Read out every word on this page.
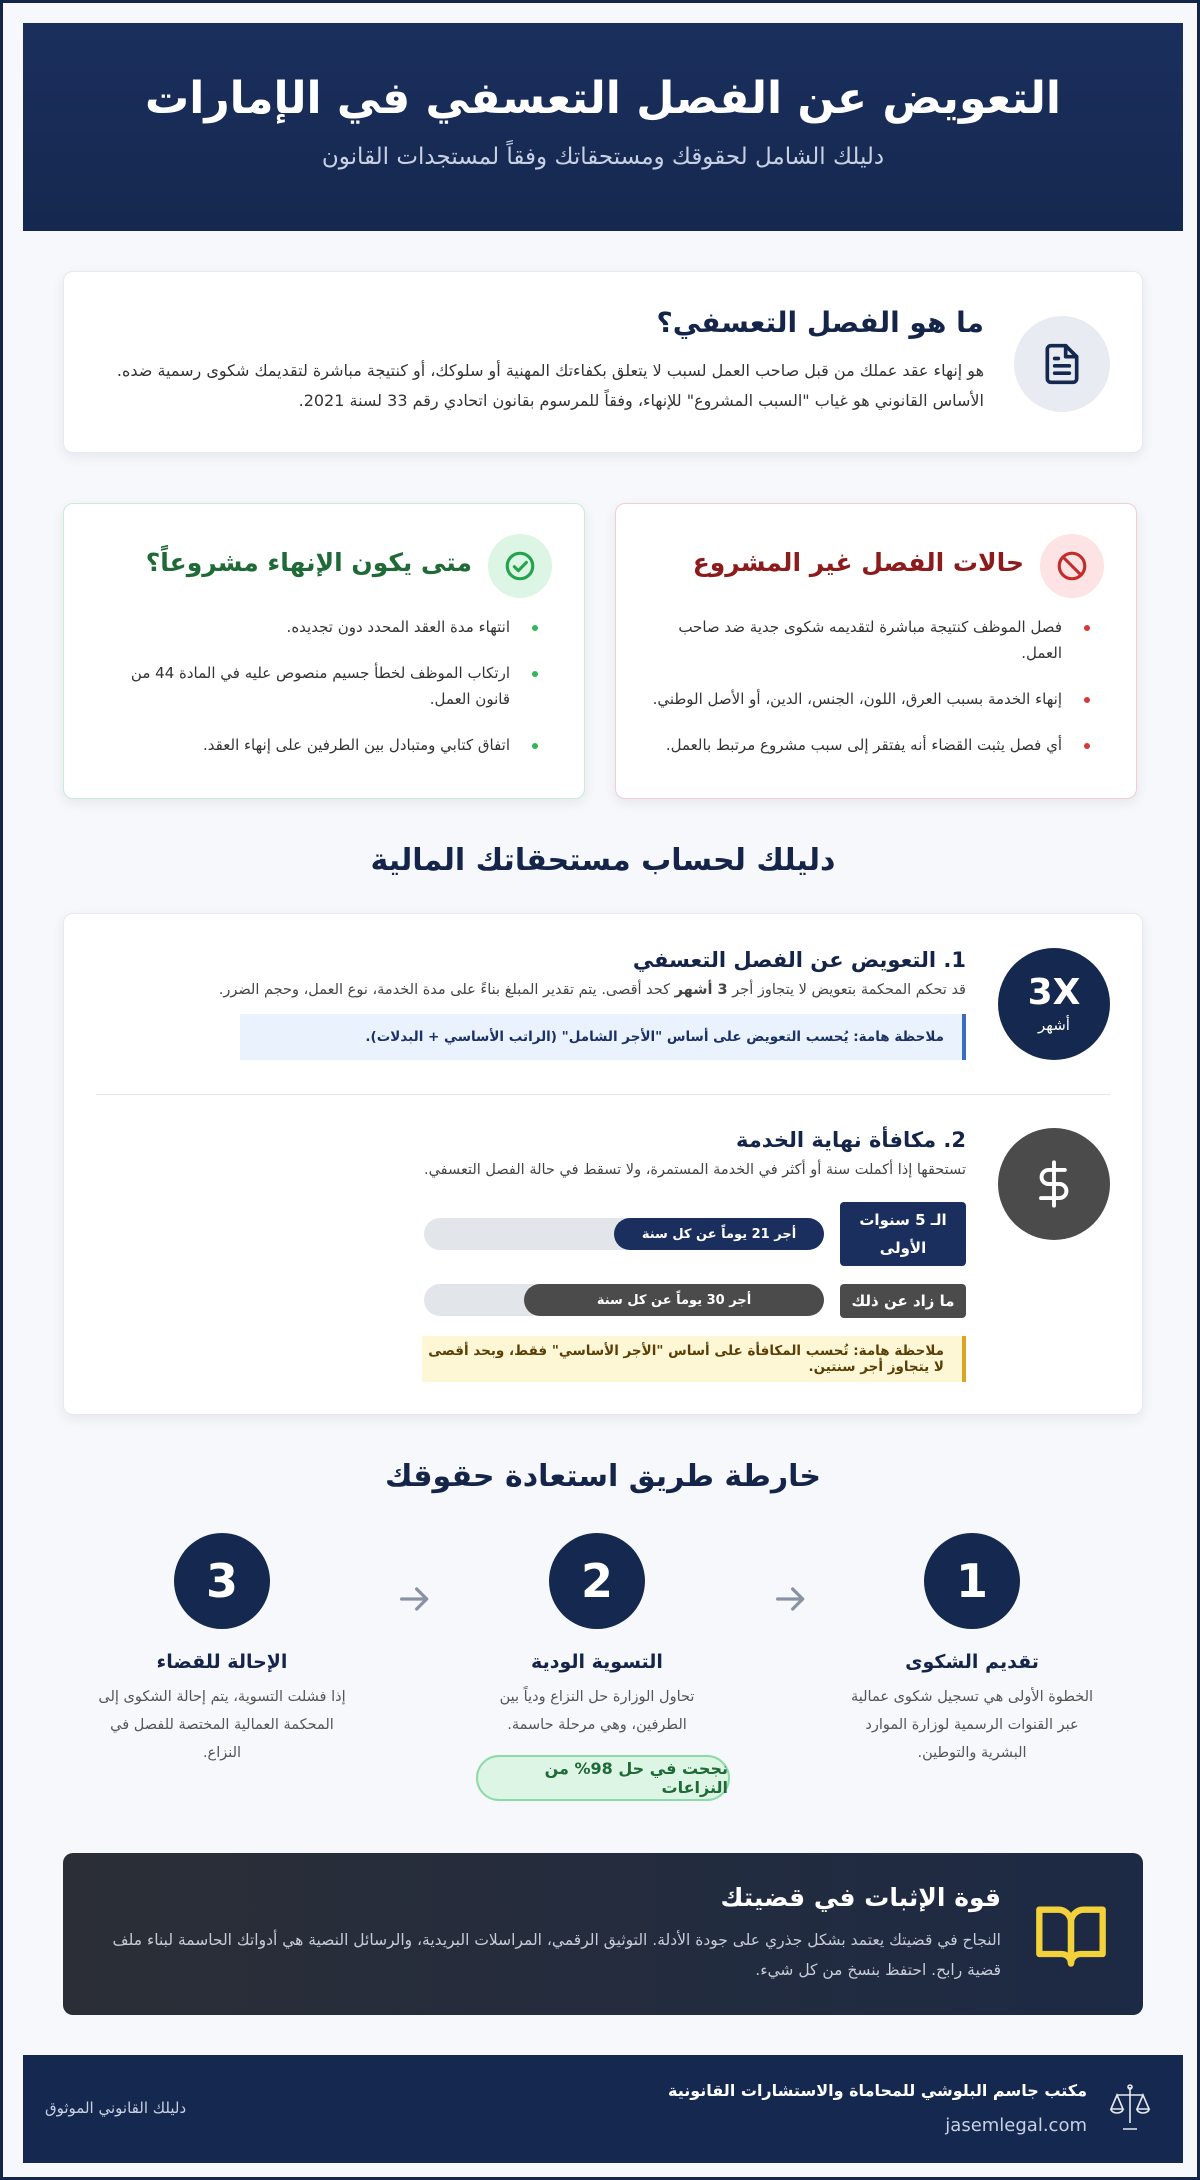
التعويض عن الفصل التعسفي في الإمارات

دليلك الشامل لحقوقك ومستحقاتك وفقاً لمستجدات القانون

ما هو الفصل التعسفي؟

هو إنهاء عقد عملك من قبل صاحب العمل لسبب لا يتعلق بكفاءتك المهنية أو سلوكك، أو كنتيجة مباشرة لتقديمك شكوى رسمية ضده. الأساس القانوني هو غياب "السبب المشروع" للإنهاء، وفقاً للمرسوم بقانون اتحادي رقم 33 لسنة 2021.

حالات الفصل غير المشروع
فصل الموظف كنتيجة مباشرة لتقديمه شكوى جدية ضد صاحب العمل.
إنهاء الخدمة بسبب العرق، اللون، الجنس، الدين، أو الأصل الوطني.
أي فصل يثبت القضاء أنه يفتقر إلى سبب مشروع مرتبط بالعمل.
متى يكون الإنهاء مشروعاً؟
انتهاء مدة العقد المحدد دون تجديده.
ارتكاب الموظف لخطأ جسيم منصوص عليه في المادة 44 من قانون العمل.
اتفاق كتابي ومتبادل بين الطرفين على إنهاء العقد.
دليلك لحساب مستحقاتك المالية
3X
أشهر
1. التعويض عن الفصل التعسفي

قد تحكم المحكمة بتعويض لا يتجاوز أجر 3 أشهر كحد أقصى. يتم تقدير المبلغ بناءً على مدة الخدمة، نوع العمل، وحجم الضرر.

ملاحظة هامة: يُحسب التعويض على أساس "الأجر الشامل" (الراتب الأساسي + البدلات).
2. مكافأة نهاية الخدمة

تستحقها إذا أكملت سنة أو أكثر في الخدمة المستمرة، ولا تسقط في حالة الفصل التعسفي.

الـ 5 سنوات الأولى
أجر 21 يوماً عن كل سنة
ما زاد عن ذلك
أجر 30 يوماً عن كل سنة
ملاحظة هامة: تُحسب المكافأة على أساس "الأجر الأساسي" فقط، وبحد أقصى لا يتجاوز أجر سنتين.
خارطة طريق استعادة حقوقك
3
الإحالة للقضاء
إذا فشلت التسوية، يتم إحالة الشكوى إلى المحكمة العمالية المختصة للفصل في النزاع.
2
التسوية الودية
تحاول الوزارة حل النزاع ودياً بين الطرفين، وهي مرحلة حاسمة.
1
تقديم الشكوى
الخطوة الأولى هي تسجيل شكوى عمالية عبر القنوات الرسمية لوزارة الموارد البشرية والتوطين.
نجحت في حل 98% من النزاعات
قوة الإثبات في قضيتك

النجاح في قضيتك يعتمد بشكل جذري على جودة الأدلة. التوثيق الرقمي، المراسلات البريدية، والرسائل النصية هي أدواتك الحاسمة لبناء ملف قضية رابح. احتفظ بنسخ من كل شيء.

مكتب جاسم البلوشي للمحاماة والاستشارات القانونية
jasemlegal.com
دليلك القانوني الموثوق
